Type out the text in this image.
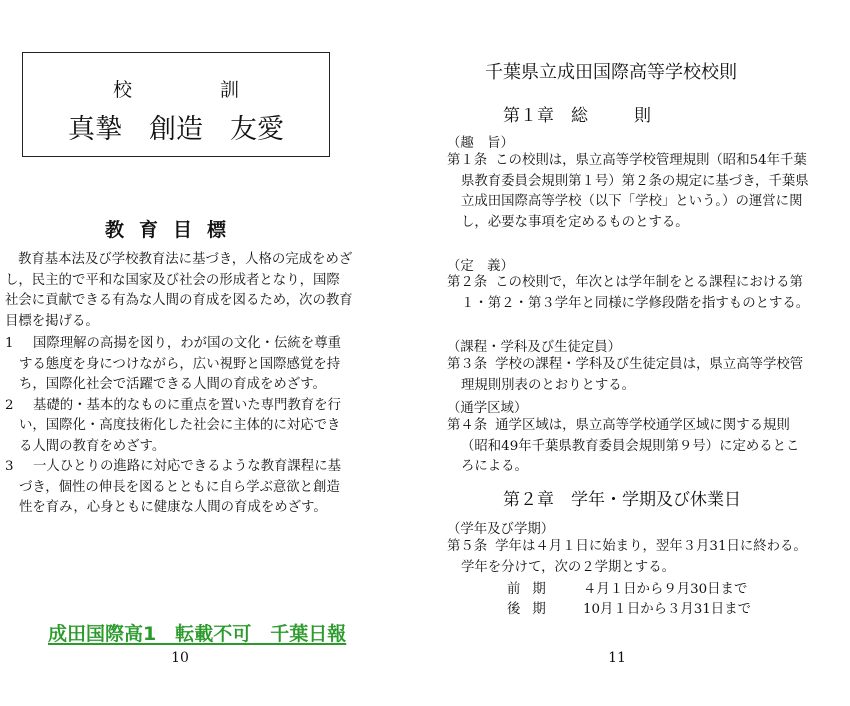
校訓
真摯　創造　友愛
教育目標

教育基本法及び学校教育法に基づき，人格の完成をめざし，民主的で平和な国家及び社会の形成者となり，国際社会に貢献できる有為な人間の育成を図るため，次の教育目標を掲げる。

1 国際理解の高揚を図り，わが国の文化・伝統を尊重する態度を身につけながら，広い視野と国際感覚を持ち，国際化社会で活躍できる人間の育成をめざす。
2 基礎的・基本的なものに重点を置いた専門教育を行い，国際化・高度技術化した社会に主体的に対応できる人間の教育をめざす。
3 一人ひとりの進路に対応できるような教育課程に基づき，個性の伸長を図るとともに自ら学ぶ意欲と創造性を育み，心身ともに健康な人間の育成をめざす。
成田国際高1　転載不可　千葉日報
10
千葉県立成田国際高等学校校則
第１章　 総	則
（趣　旨）

第１条 この校則は，県立高等学校管理規則（昭和54年千葉県教育委員会規則第１号）第２条の規定に基づき，千葉県立成田国際高等学校（以下「学校」という。）の運営に関し，必要な事項を定めるものとする。

（定　義）

第２条 この校則で，年次とは学年制をとる課程における第１・第２・第３学年と同様に学修段階を指すものとする。

（課程・学科及び生徒定員）

第３条 学校の課程・学科及び生徒定員は，県立高等学校管理規則別表のとおりとする。

（通学区域）

第４条 通学区域は，県立高等学校通学区域に関する規則（昭和49年千葉県教育委員会規則第９号）に定めるところによる。

第２章　 学年・学期及び休業日
（学年及び学期）

第５条 学年は４月１日に始まり，翌年３月31日に終わる。学年を分けて，次の２学期とする。

前期 ４月１日から９月30日まで
後期 10月１日から３月31日まで
11
